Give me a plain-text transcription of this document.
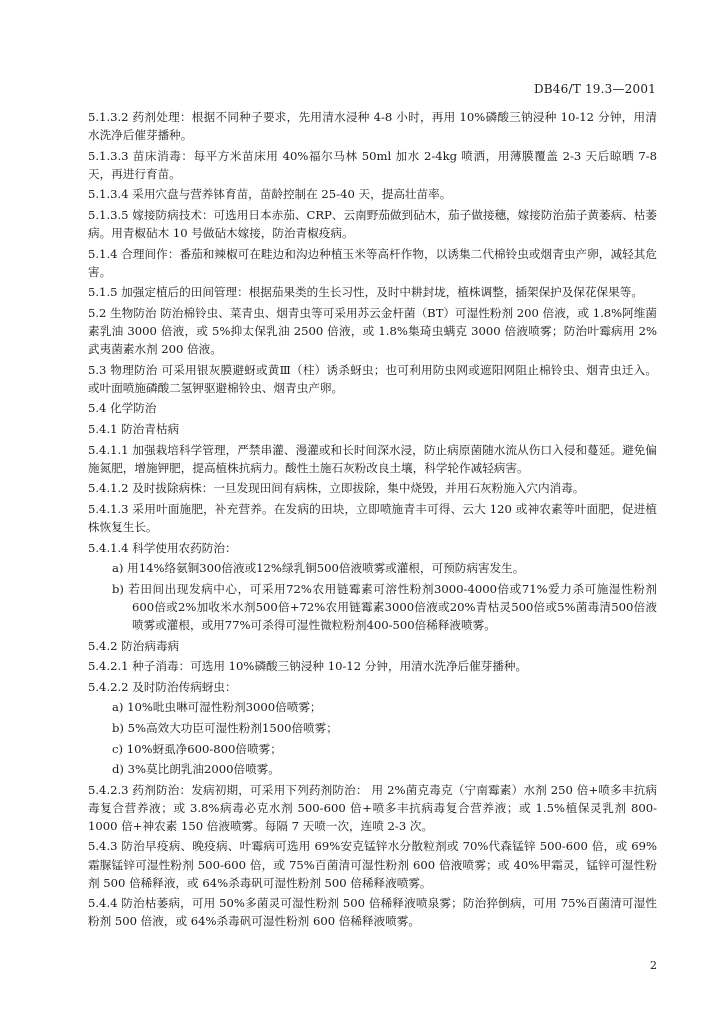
DB46/T 19.3—2001

5.1.3.2 药剂处理：根据不同种子要求，先用清水浸种 4-8 小时，再用 10%磷酸三钠浸种 10-12 分钟，用清水洗净后催芽播种。

5.1.3.3 苗床消毒：每平方米苗床用 40%福尔马林 50ml 加水 2-4kg 喷洒，用薄膜覆盖 2-3 天后晾晒 7-8 天，再进行育苗。

5.1.3.4 采用穴盘与营养钵育苗，苗龄控制在 25-40 天，提高壮苗率。

5.1.3.5 嫁接防病技术：可选用日本赤茄、CRP、云南野茄做到砧木，茄子做接穗，嫁接防治茄子黄萎病、枯萎病。用青椒砧木 10 号做砧木嫁接，防治青椒疫病。

5.1.4 合理间作：番茄和辣椒可在畦边和沟边种植玉米等高杆作物，以诱集二代棉铃虫或烟青虫产卵，减轻其危害。

5.1.5 加强定植后的田间管理：根据茄果类的生长习性，及时中耕封垅，植株调整，插架保护及保花保果等。

5.2 生物防治 防治棉铃虫、菜青虫、烟青虫等可采用苏云金杆菌（BT）可湿性粉剂 200 倍液，或 1.8%阿维菌素乳油 3000 倍液，或 5%抑太保乳油 2500 倍液，或 1.8%集琦虫螨克 3000 倍液喷雾；防治叶霉病用 2%武夷菌素水剂 200 倍液。

5.3 物理防治 可采用银灰膜避蚜或黄Ⅲ（柱）诱杀蚜虫；也可利用防虫网或遮阳网阻止棉铃虫、烟青虫迁入。或叶面喷施磷酸二氢钾驱避棉铃虫、烟青虫产卵。

5.4 化学防治

5.4.1 防治青枯病

5.4.1.1 加强栽培科学管理，严禁串灌、漫灌或和长时间深水浸，防止病原菌随水流从伤口入侵和蔓延。避免偏施氮肥，增施钾肥，提高植株抗病力。酸性土施石灰粉改良土壤，科学轮作减轻病害。

5.4.1.2 及时拔除病株：一旦发现田间有病株，立即拔除，集中烧毁，并用石灰粉施入穴内消毒。

5.4.1.3 采用叶面施肥，补充营养。在发病的田块，立即喷施青丰可得、云大 120 或神农素等叶面肥，促进植株恢复生长。

5.4.1.4 科学使用农药防治：

a) 用14%络氨铜300倍液或12%绿乳铜500倍液喷雾或灌根，可预防病害发生。

b) 若田间出现发病中心，可采用72%农用链霉素可溶性粉剂3000-4000倍或71%爱力杀可施湿性粉剂600倍或2%加收米水剂500倍+72%农用链霉素3000倍液或20%青枯灵500倍或5%菌毒清500倍液喷雾或灌根，或用77%可杀得可湿性微粒粉剂400-500倍稀释液喷雾。

5.4.2 防治病毒病

5.4.2.1 种子消毒：可选用 10%磷酸三钠浸种 10-12 分钟，用清水洗净后催芽播种。

5.4.2.2 及时防治传病蚜虫：

a) 10%吡虫啉可湿性粉剂3000倍喷雾；

b) 5%高效大功臣可湿性粉剂1500倍喷雾；

c) 10%蚜虱净600-800倍喷雾；

d) 3%莫比朗乳油2000倍喷雾。

5.4.2.3 药剂防治：发病初期，可采用下列药剂防治： 用 2%菌克毒克（宁南霉素）水剂 250 倍+喷多丰抗病毒复合营养液；或 3.8%病毒必克水剂 500-600 倍+喷多丰抗病毒复合营养液；或 1.5%植保灵乳剂 800-1000 倍+神农素 150 倍液喷雾。每隔 7 天喷一次，连喷 2-3 次。

5.4.3 防治早疫病、晚疫病、叶霉病可选用 69%安克锰锌水分散粒剂或 70%代森锰锌 500-600 倍，或 69%霜脲锰锌可湿性粉剂 500-600 倍，或 75%百菌清可湿性粉剂 600 倍液喷雾；或 40%甲霜灵，锰锌可湿性粉剂 500 倍稀释液，或 64%杀毒矾可湿性粉剂 500 倍稀释液喷雾。

5.4.4 防治枯萎病，可用 50%多菌灵可湿性粉剂 500 倍稀释液喷泉雾；防治猝倒病，可用 75%百菌清可湿性粉剂 500 倍液，或 64%杀毒矾可湿性粉剂 600 倍稀释液喷雾。

2
